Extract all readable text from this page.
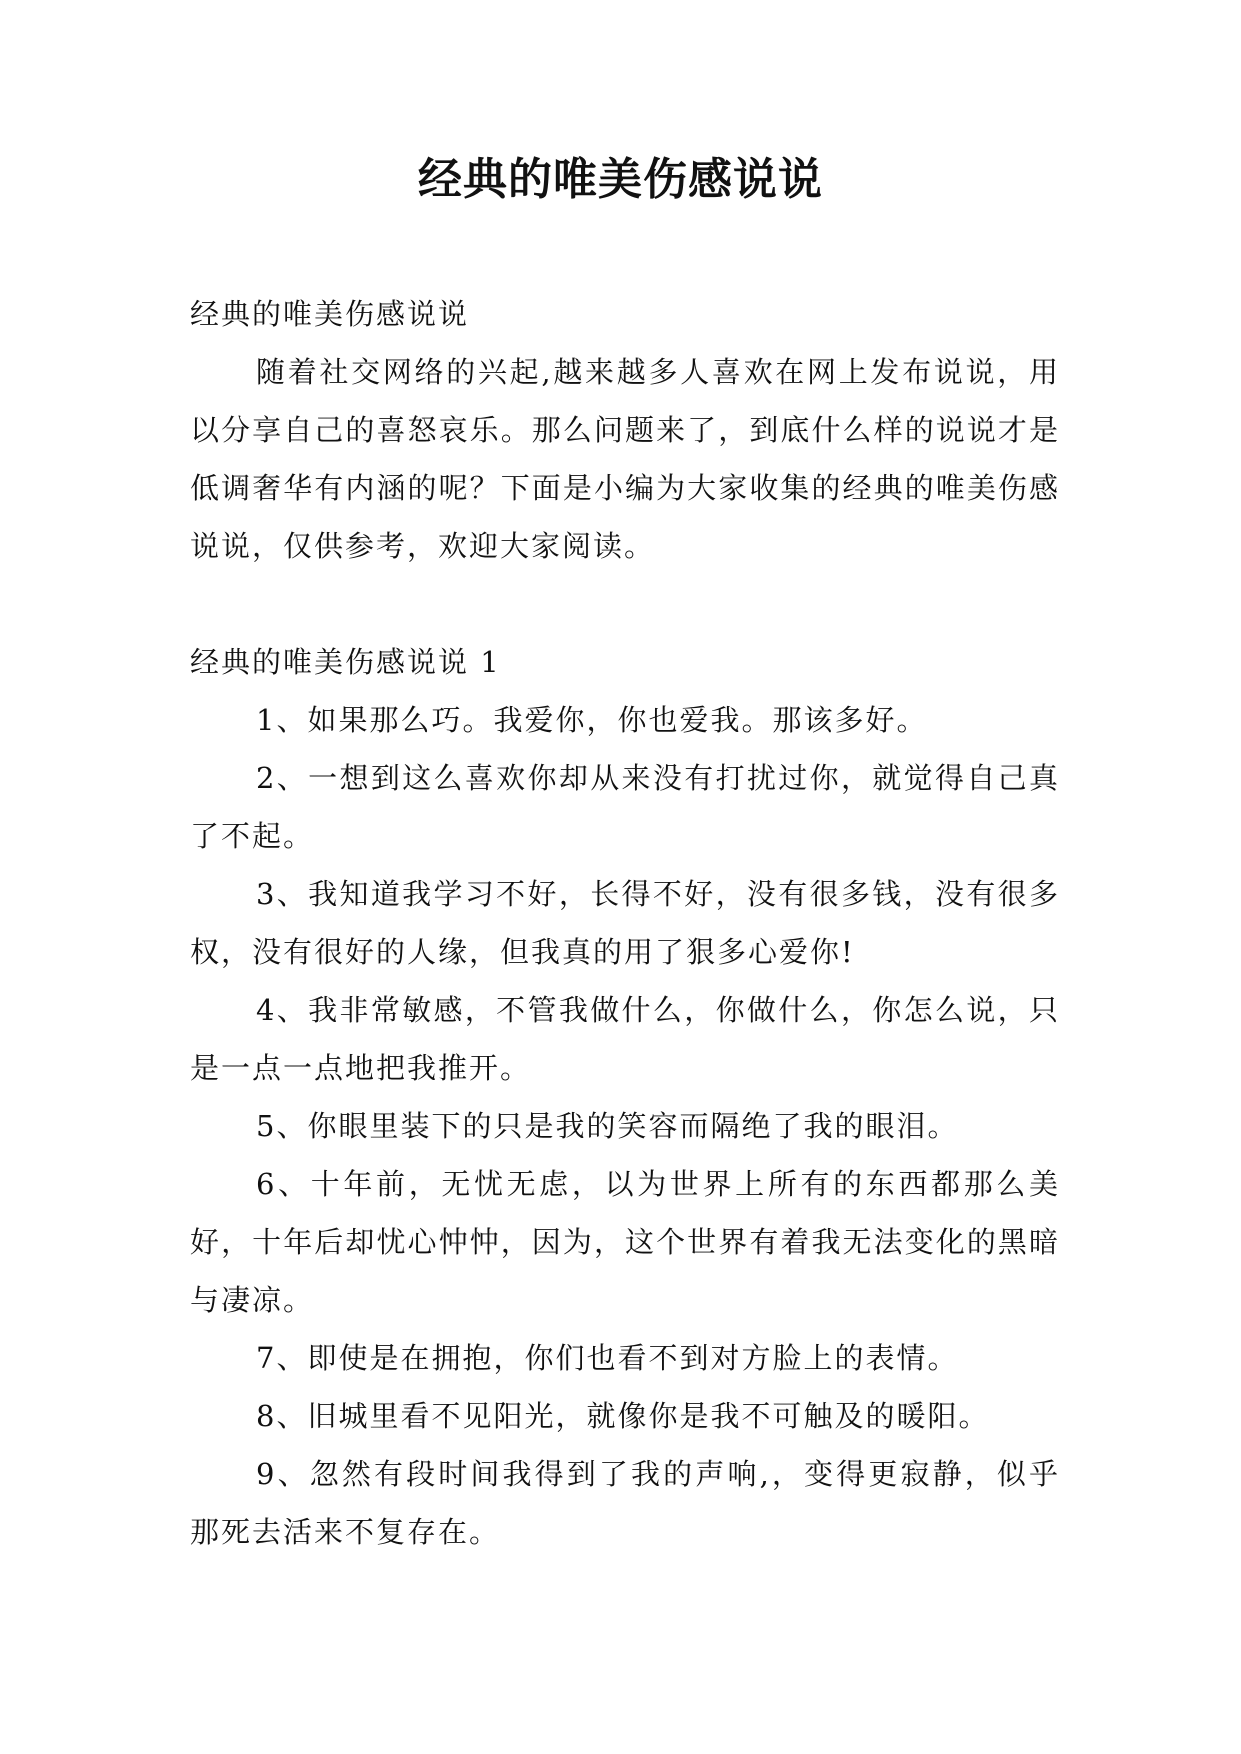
经典的唯美伤感说说

经典的唯美伤感说说

随着社交网络的兴起,越来越多人喜欢在网上发布说说，用以分享自己的喜怒哀乐。那么问题来了，到底什么样的说说才是低调奢华有内涵的呢？下面是小编为大家收集的经典的唯美伤感说说，仅供参考，欢迎大家阅读。

经典的唯美伤感说说 1

1、如果那么巧。我爱你，你也爱我。那该多好。

2、一想到这么喜欢你却从来没有打扰过你，就觉得自己真了不起。

3、我知道我学习不好，长得不好，没有很多钱，没有很多权，没有很好的人缘，但我真的用了狠多心爱你!

4、我非常敏感，不管我做什么，你做什么，你怎么说，只是一点一点地把我推开。

5、你眼里装下的只是我的笑容而隔绝了我的眼泪。

6、十年前，无忧无虑，以为世界上所有的东西都那么美好，十年后却忧心忡忡，因为，这个世界有着我无法变化的黑暗与凄凉。

7、即使是在拥抱，你们也看不到对方脸上的表情。

8、旧城里看不见阳光，就像你是我不可触及的暖阳。

9、忽然有段时间我得到了我的声响,，变得更寂静，似乎那死去活来不复存在。
